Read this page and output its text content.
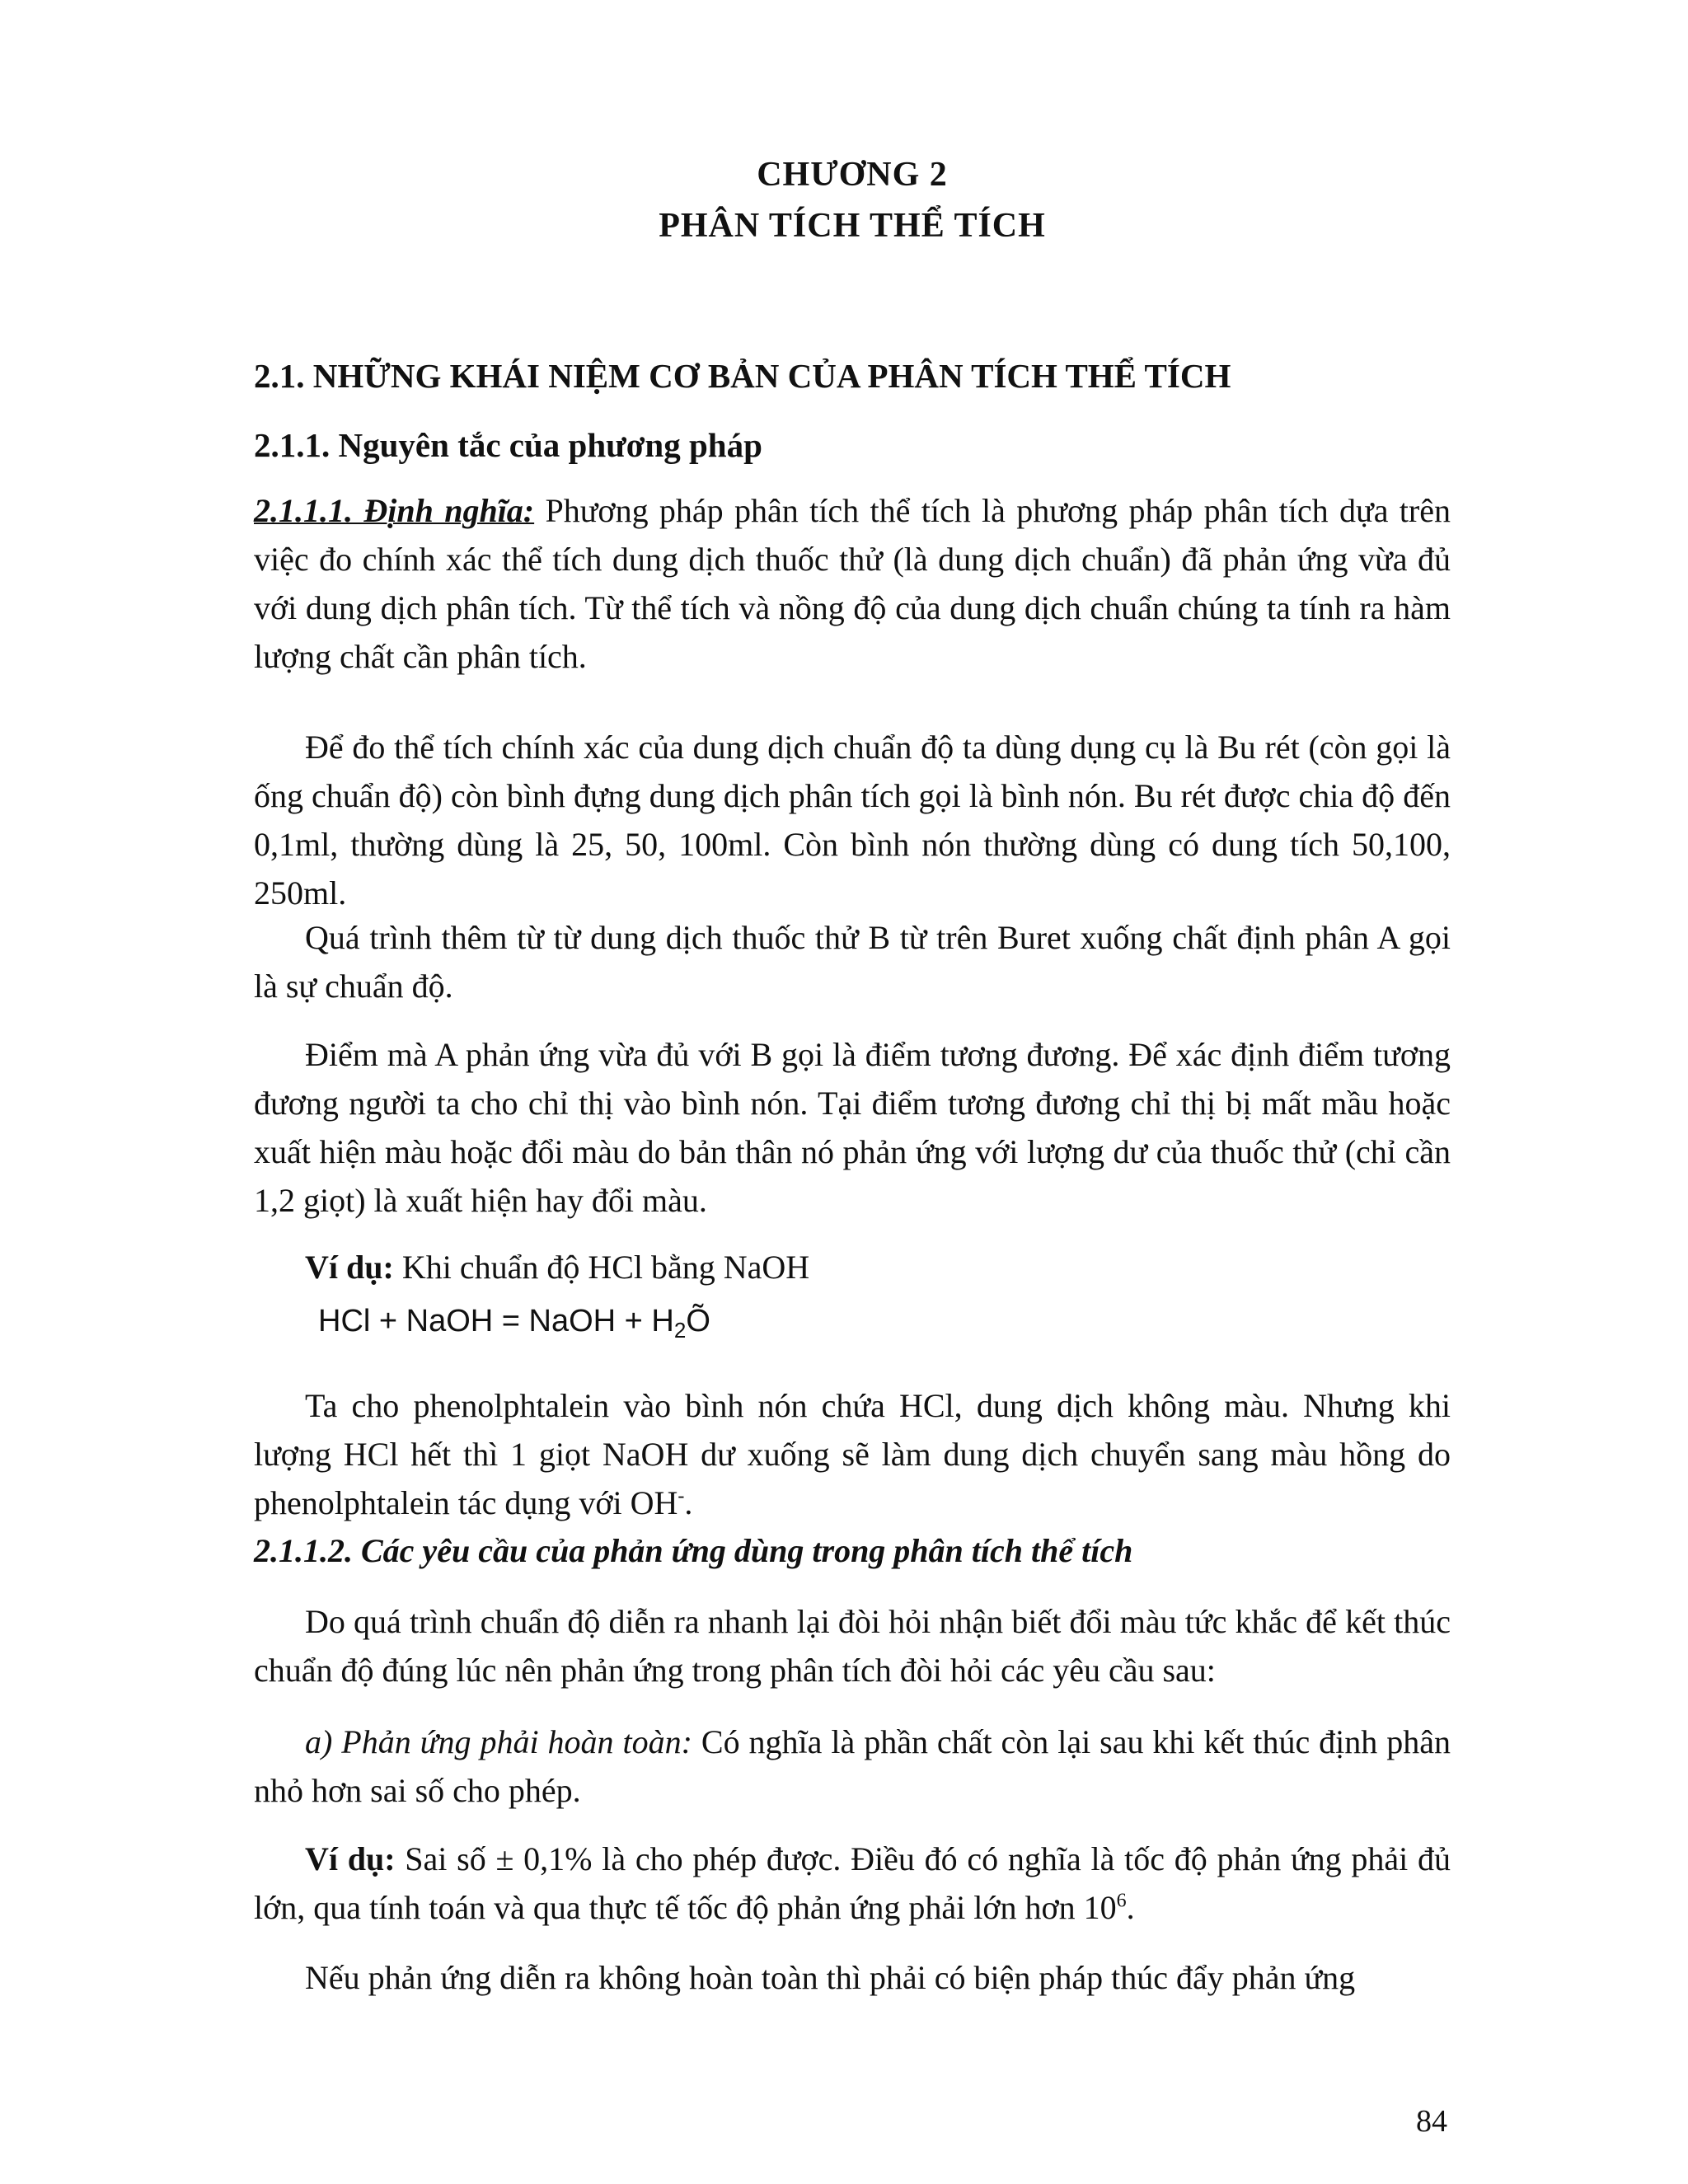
CHƯƠNG 2

PHÂN TÍCH THỂ TÍCH

2.1. NHỮNG KHÁI NIỆM CƠ BẢN CỦA PHÂN TÍCH THỂ TÍCH

2.1.1. Nguyên tắc của phương pháp

2.1.1.1. Định nghĩa: Phương pháp phân tích thể tích là phương pháp phân tích dựa trên việc đo chính xác thể tích dung dịch thuốc thử (là dung dịch chuẩn) đã phản ứng vừa đủ với dung dịch phân tích. Từ thể tích và nồng độ của dung dịch chuẩn chúng ta tính ra hàm lượng chất cần phân tích.

Để đo thể tích chính xác của dung dịch chuẩn độ ta dùng dụng cụ là Bu rét (còn gọi là ống chuẩn độ) còn bình đựng dung dịch phân tích gọi là bình nón. Bu rét được chia độ đến 0,1ml, thường dùng là 25, 50, 100ml. Còn bình nón thường dùng có dung tích 50,100, 250ml.

Quá trình thêm từ từ dung dịch thuốc thử B từ trên Buret xuống chất định phân A gọi là sự chuẩn độ.

Điểm mà A phản ứng vừa đủ với B gọi là điểm tương đương. Để xác định điểm tương đương người ta cho chỉ thị vào bình nón. Tại điểm tương đương chỉ thị bị mất mầu hoặc xuất hiện màu hoặc đổi màu do bản thân nó phản ứng với lượng dư của thuốc thử (chỉ cần 1,2 giọt) là xuất hiện hay đổi màu.

Ví dụ: Khi chuẩn độ HCl bằng NaOH

HCl + NaOH = NaOH + $H_2Õ$

Ta cho phenolphtalein vào bình nón chứa HCl, dung dịch không màu. Nhưng khi lượng HCl hết thì 1 giọt NaOH dư xuống sẽ làm dung dịch chuyển sang màu hồng do phenolphtalein tác dụng với OH-.

2.1.1.2. Các yêu cầu của phản ứng dùng trong phân tích thể tích

Do quá trình chuẩn độ diễn ra nhanh lại đòi hỏi nhận biết đổi màu tức khắc để kết thúc chuẩn độ đúng lúc nên phản ứng trong phân tích đòi hỏi các yêu cầu sau:

a) Phản ứng phải hoàn toàn: Có nghĩa là phần chất còn lại sau khi kết thúc định phân nhỏ hơn sai số cho phép.

Ví dụ: Sai số ± 0,1% là cho phép được. Điều đó có nghĩa là tốc độ phản ứng phải đủ lớn, qua tính toán và qua thực tế tốc độ phản ứng phải lớn hơn $10^6$.

Nếu phản ứng diễn ra không hoàn toàn thì phải có biện pháp thúc đẩy phản ứng

84
